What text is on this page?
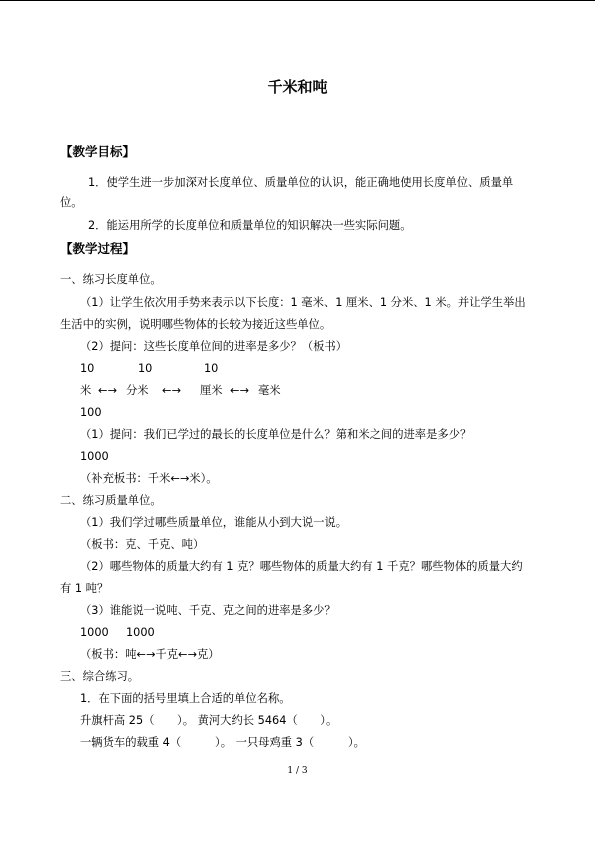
千米和吨
【教学目标】
1．使学生进一步加深对长度单位、质量单位的认识，能正确地使用长度单位、质量单
位。
2．能运用所学的长度单位和质量单位的知识解决一些实际问题。
【教学过程】
一、练习长度单位。
（1）让学生依次用手势来表示以下长度：1 毫米、1 厘米、1 分米、1 米。并让学生举出
生活中的实例，说明哪些物体的长较为接近这些单位。
（2）提问：这些长度单位间的进率是多少？（板书）
10	10	10
米 ←→ 分米 ←→ 厘米 ←→ 毫米
100
（1）提问：我们已学过的最长的长度单位是什么？第和米之间的进率是多少？
1000
（补充板书：千米←→米）。
二、练习质量单位。
（1）我们学过哪些质量单位，谁能从小到大说一说。
（板书：克、千克、吨）
（2）哪些物体的质量大约有 1 克？哪些物体的质量大约有 1 千克？哪些物体的质量大约
有 1 吨？
（3）谁能说一说吨、千克、克之间的进率是多少？
1000 1000
（板书：吨←→千克←→克）
三、综合练习。
1．在下面的括号里填上合适的单位名称。
升旗杆高 25（　　）。 黄河大约长 5464（　　）。
一辆货车的载重 4（　　　）。 一只母鸡重 3（　　　）。
1 / 3
